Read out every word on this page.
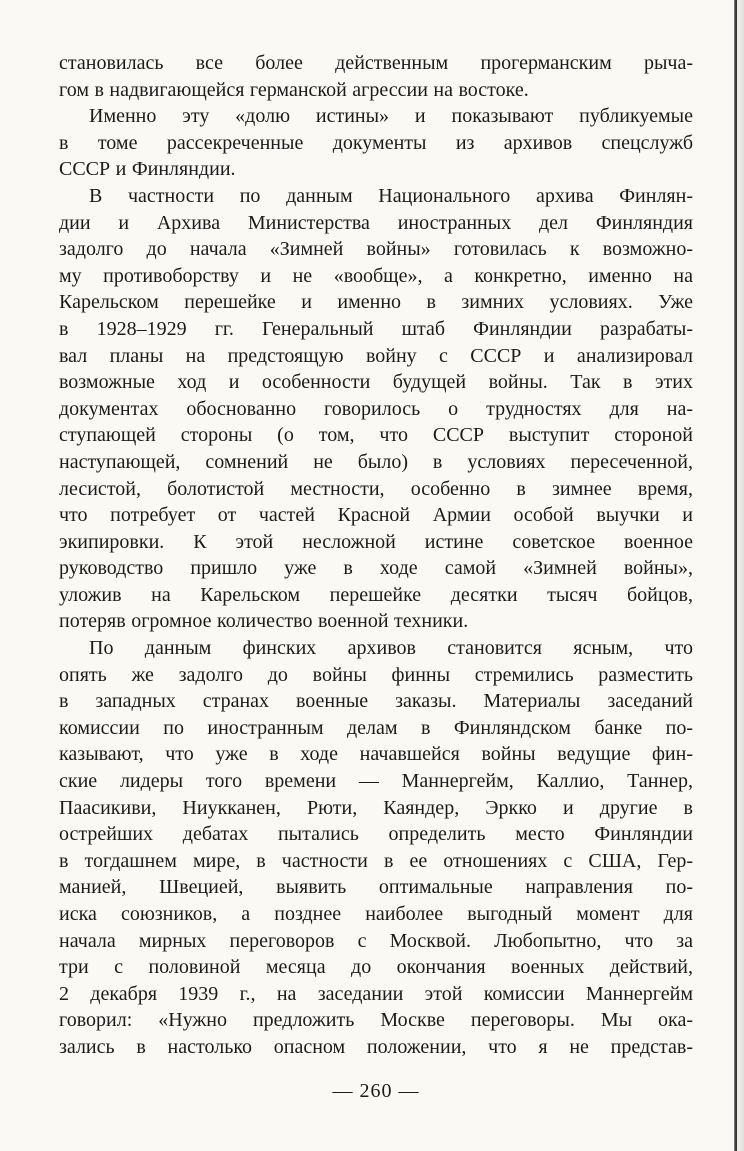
становилась все более действенным прогерманским рыча-
гом в надвигающейся германской агрессии на востоке.
Именно эту «долю истины» и показывают публикуемые
в томе рассекреченные документы из архивов спецслужб
СССР и Финляндии.
В частности по данным Национального архива Финлян-
дии и Архива Министерства иностранных дел Финляндия
задолго до начала «Зимней войны» готовилась к возможно-
му противоборству и не «вообще», а конкретно, именно на
Карельском перешейке и именно в зимних условиях. Уже
в 1928–1929 гг. Генеральный штаб Финляндии разрабаты-
вал планы на предстоящую войну с СССР и анализировал
возможные ход и особенности будущей войны. Так в этих
документах обоснованно говорилось о трудностях для на-
ступающей стороны (о том, что СССР выступит стороной
наступающей, сомнений не было) в условиях пересеченной,
лесистой, болотистой местности, особенно в зимнее время,
что потребует от частей Красной Армии особой выучки и
экипировки. К этой несложной истине советское военное
руководство пришло уже в ходе самой «Зимней войны»,
уложив на Карельском перешейке десятки тысяч бойцов,
потеряв огромное количество военной техники.
По данным финских архивов становится ясным, что
опять же задолго до войны финны стремились разместить
в западных странах военные заказы. Материалы заседаний
комиссии по иностранным делам в Финляндском банке по-
казывают, что уже в ходе начавшейся войны ведущие фин-
ские лидеры того времени — Маннергейм, Каллио, Таннер,
Паасикиви, Ниукканен, Рюти, Каяндер, Эркко и другие в
острейших дебатах пытались определить место Финляндии
в тогдашнем мире, в частности в ее отношениях с США, Гер-
манией, Швецией, выявить оптимальные направления по-
иска союзников, а позднее наиболее выгодный момент для
начала мирных переговоров с Москвой. Любопытно, что за
три с половиной месяца до окончания военных действий,
2 декабря 1939 г., на заседании этой комиссии Маннергейм
говорил: «Нужно предложить Москве переговоры. Мы ока-
зались в настолько опасном положении, что я не представ-
— 260 —
